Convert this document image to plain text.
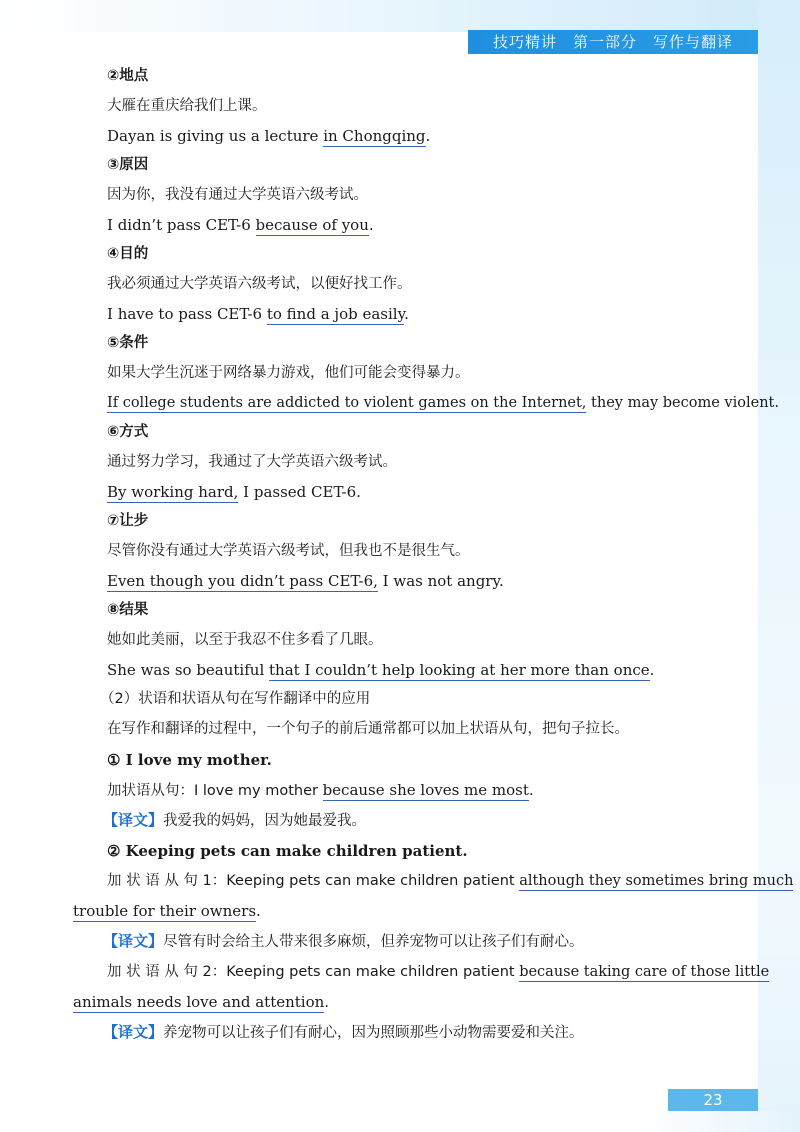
技巧精讲　第一部分　写作与翻译
②地点
大雁在重庆给我们上课。
Dayan is giving us a lecture in Chongqing.
③原因
因为你，我没有通过大学英语六级考试。
I didn’t pass CET-6 because of you.
④目的
我必须通过大学英语六级考试，以便好找工作。
I have to pass CET-6 to find a job easily.
⑤条件
如果大学生沉迷于网络暴力游戏，他们可能会变得暴力。
If college students are addicted to violent games on the Internet, they may become violent.
⑥方式
通过努力学习，我通过了大学英语六级考试。
By working hard, I passed CET-6.
⑦让步
尽管你没有通过大学英语六级考试，但我也不是很生气。
Even though you didn’t pass CET-6, I was not angry.
⑧结果
她如此美丽，以至于我忍不住多看了几眼。
She was so beautiful that I couldn’t help looking at her more than once.
（2）状语和状语从句在写作翻译中的应用
在写作和翻译的过程中，一个句子的前后通常都可以加上状语从句，把句子拉长。
① I love my mother.
加状语从句：I love my mother because she loves me most.
【译文】我爱我的妈妈，因为她最爱我。
② Keeping pets can make children patient.
加 状 语 从 句 1：Keeping pets can make children patient although they sometimes bring much
trouble for their owners.
【译文】尽管有时会给主人带来很多麻烦，但养宠物可以让孩子们有耐心。
加 状 语 从 句 2：Keeping pets can make children patient because taking care of those little
animals needs love and attention.
【译文】养宠物可以让孩子们有耐心，因为照顾那些小动物需要爱和关注。
23
